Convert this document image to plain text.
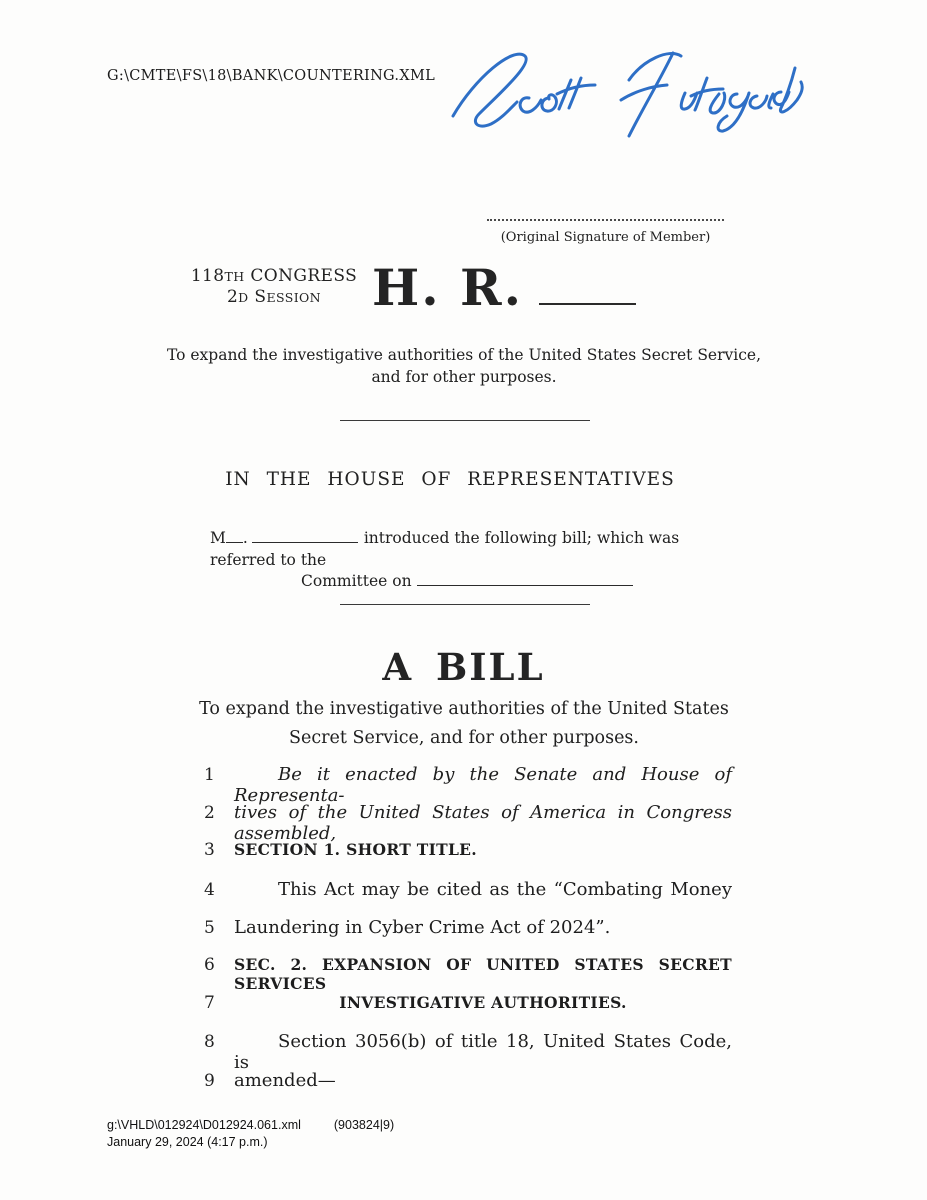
G:\CMTE\FS\18\BANK\COUNTERING.XML
(Original Signature of Member)
118TH CONGRESS
2D SESSION	H. R.
To expand the investigative authorities of the United States Secret Service,
and for other purposes.
IN THE HOUSE OF REPRESENTATIVES
M .	introduced the following bill; which was referred to the
Committee on
A BILL
To expand the investigative authorities of the United States
Secret Service, and for other purposes.
1	Be it enacted by the Senate and House of Representa-
2	tives of the United States of America in Congress assembled,
3	SECTION 1. SHORT TITLE.
4	This Act may be cited as the “Combating Money
5	Laundering in Cyber Crime Act of 2024”.
6	SEC. 2. EXPANSION OF UNITED STATES SECRET SERVICES
7	INVESTIGATIVE AUTHORITIES.
8	Section 3056(b) of title 18, United States Code, is
9	amended—
g:\VHLD\012924\D012924.061.xml	(903824|9)
January 29, 2024 (4:17 p.m.)
